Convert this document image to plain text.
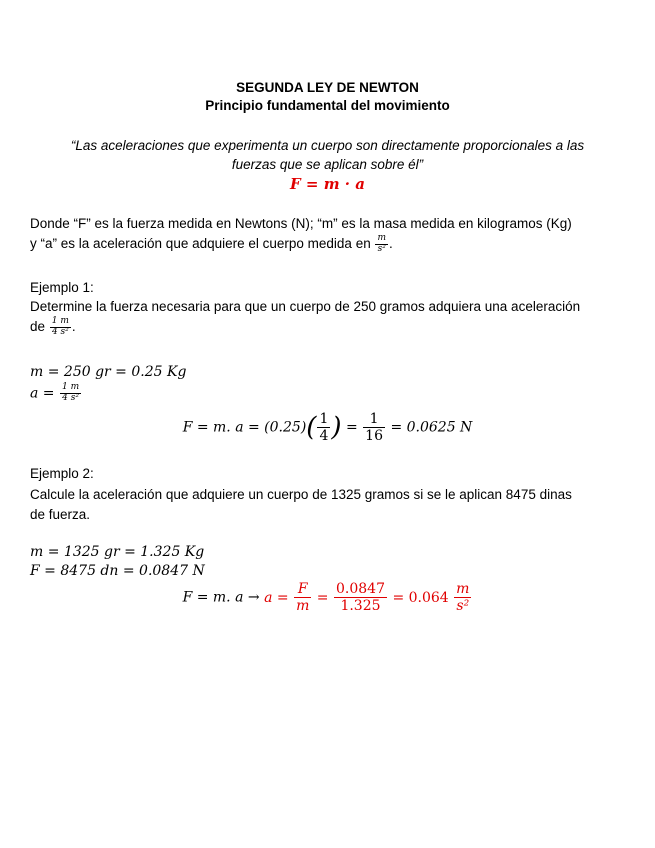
SEGUNDA LEY DE NEWTON
Principio fundamental del movimiento
“Las aceleraciones que experimenta un cuerpo son directamente proporcionales a las
fuerzas que se aplican sobre él”
F = m · a
Donde “F” es la fuerza medida en Newtons (N); “m” es la masa medida en kilogramos (Kg)
y “a” es la aceleración que adquiere el cuerpo medida en $\frac{m}{\text{s²}}$ .
Ejemplo 1:
Determine la fuerza necesaria para que un cuerpo de 250 gramos adquiera una aceleración
de $\frac{1 m}{\text{4 s²}}$ .
m = 250 gr = 0.25 Kg
$a = \frac{1 m}{\text{4 s²}}$
F = m. $a = (0.25)( \frac{1}{4}$ ) = $\frac{1}{16} = 0.0625$ N
Ejemplo 2:
Calcule la aceleración que adquiere un cuerpo de 1325 gramos si se le aplican 8475 dinas
de fuerza.
m = 1325 gr = 1.325 Kg
F = 8475 dn = 0.0847 N
F = m. $a \to a = \frac{F}{m} = \frac{0.0847}{1.325} = 0.064 \frac{m}{\text{s²}}$
